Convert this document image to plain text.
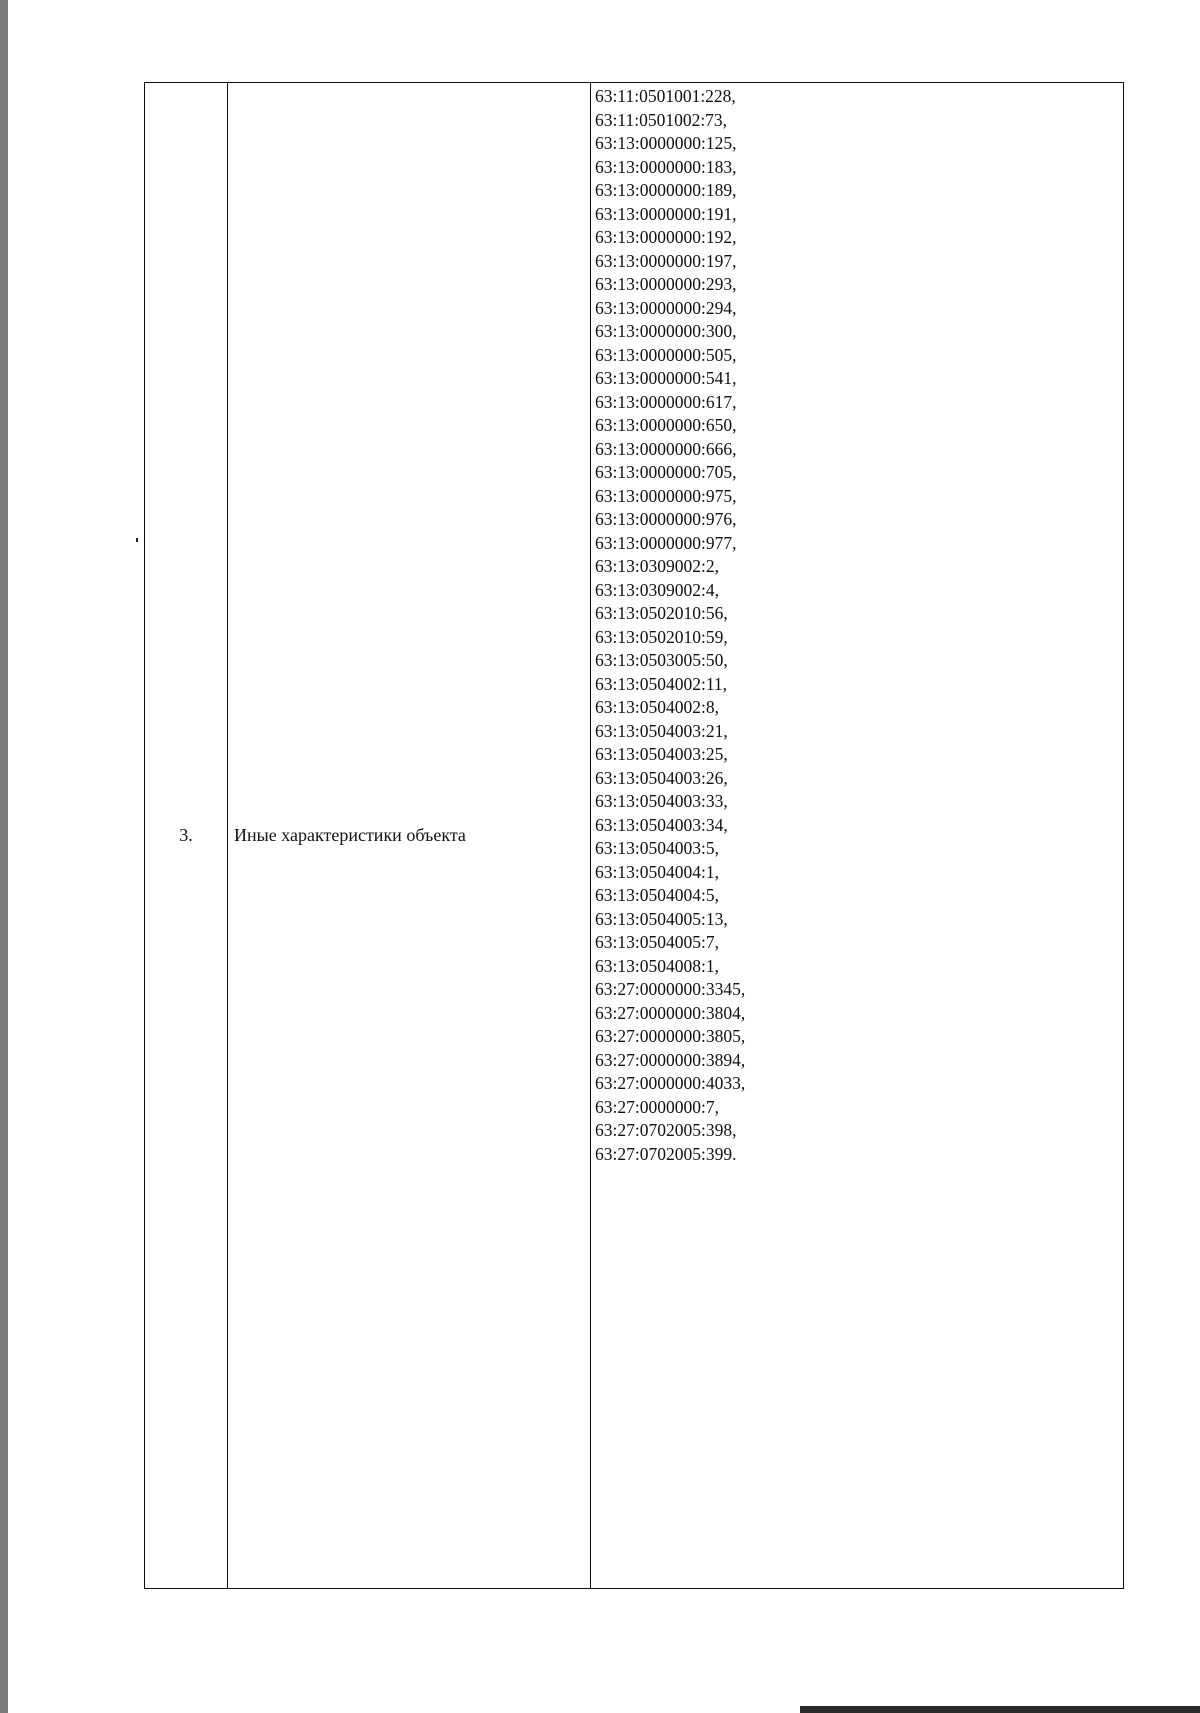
3.	Иные характеристики объекта	
63:11:0501001:228,
63:11:0501002:73,
63:13:0000000:125,
63:13:0000000:183,
63:13:0000000:189,
63:13:0000000:191,
63:13:0000000:192,
63:13:0000000:197,
63:13:0000000:293,
63:13:0000000:294,
63:13:0000000:300,
63:13:0000000:505,
63:13:0000000:541,
63:13:0000000:617,
63:13:0000000:650,
63:13:0000000:666,
63:13:0000000:705,
63:13:0000000:975,
63:13:0000000:976,
63:13:0000000:977,
63:13:0309002:2,
63:13:0309002:4,
63:13:0502010:56,
63:13:0502010:59,
63:13:0503005:50,
63:13:0504002:11,
63:13:0504002:8,
63:13:0504003:21,
63:13:0504003:25,
63:13:0504003:26,
63:13:0504003:33,
63:13:0504003:34,
63:13:0504003:5,
63:13:0504004:1,
63:13:0504004:5,
63:13:0504005:13,
63:13:0504005:7,
63:13:0504008:1,
63:27:0000000:3345,
63:27:0000000:3804,
63:27:0000000:3805,
63:27:0000000:3894,
63:27:0000000:4033,
63:27:0000000:7,
63:27:0702005:398,
63:27:0702005:399.
